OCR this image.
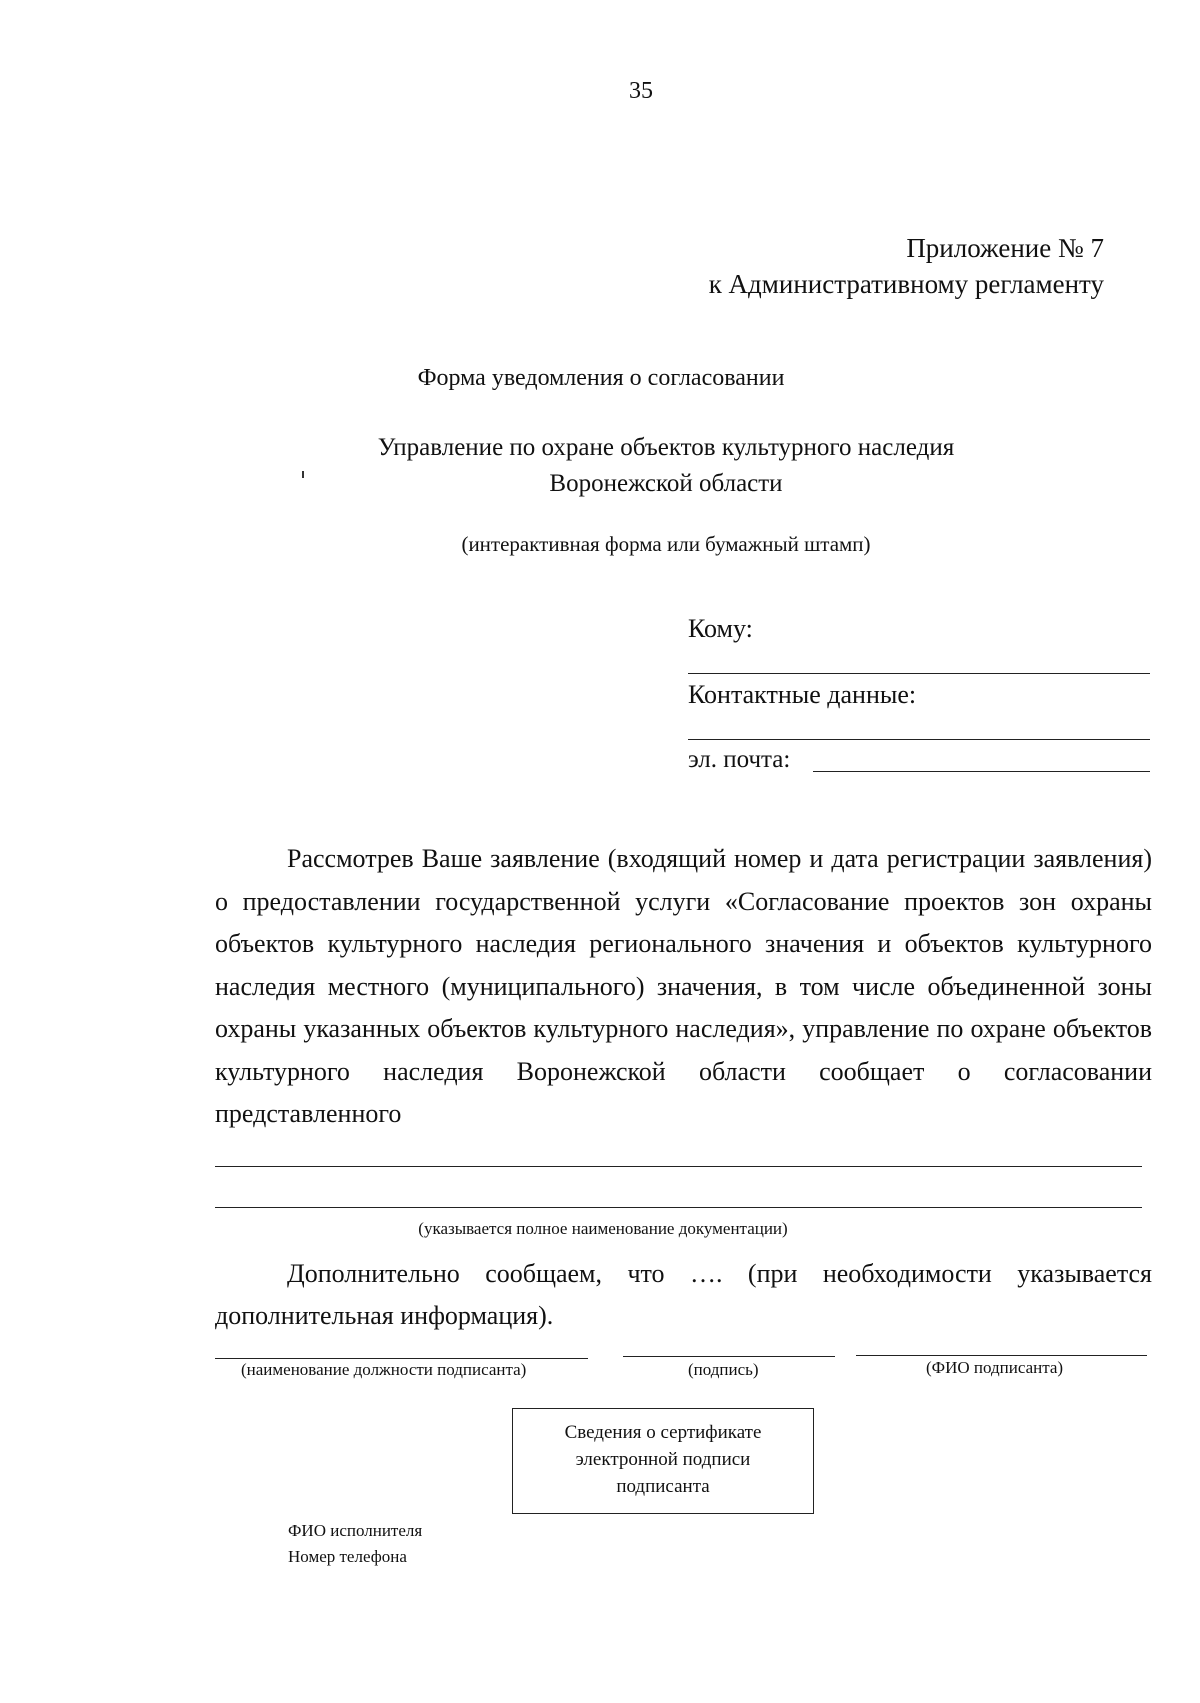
35
Приложение № 7
к Административному регламенту
Форма уведомления о согласовании
Управление по охране объектов культурного наследия
Воронежской области
(интерактивная форма или бумажный штамп)
Кому:
Контактные данные:
эл. почта:
Рассмотрев Ваше заявление (входящий номер и дата регистрации заявления) о предоставлении государственной услуги «Согласование проектов зон охраны объектов культурного наследия регионального значения и объектов культурного наследия местного (муниципального) значения, в том числе объединенной зоны охраны указанных объектов культурного наследия», управление по охране объектов культурного наследия Воронежской области сообщает о согласовании представленного
(указывается полное наименование документации)
Дополнительно сообщаем, что …. (при необходимости указывается дополнительная информация).
(наименование должности подписанта)	(подпись)	(ФИО подписанта)
Сведения о сертификате
электронной подписи
подписанта
ФИО исполнителя
Номер телефона
